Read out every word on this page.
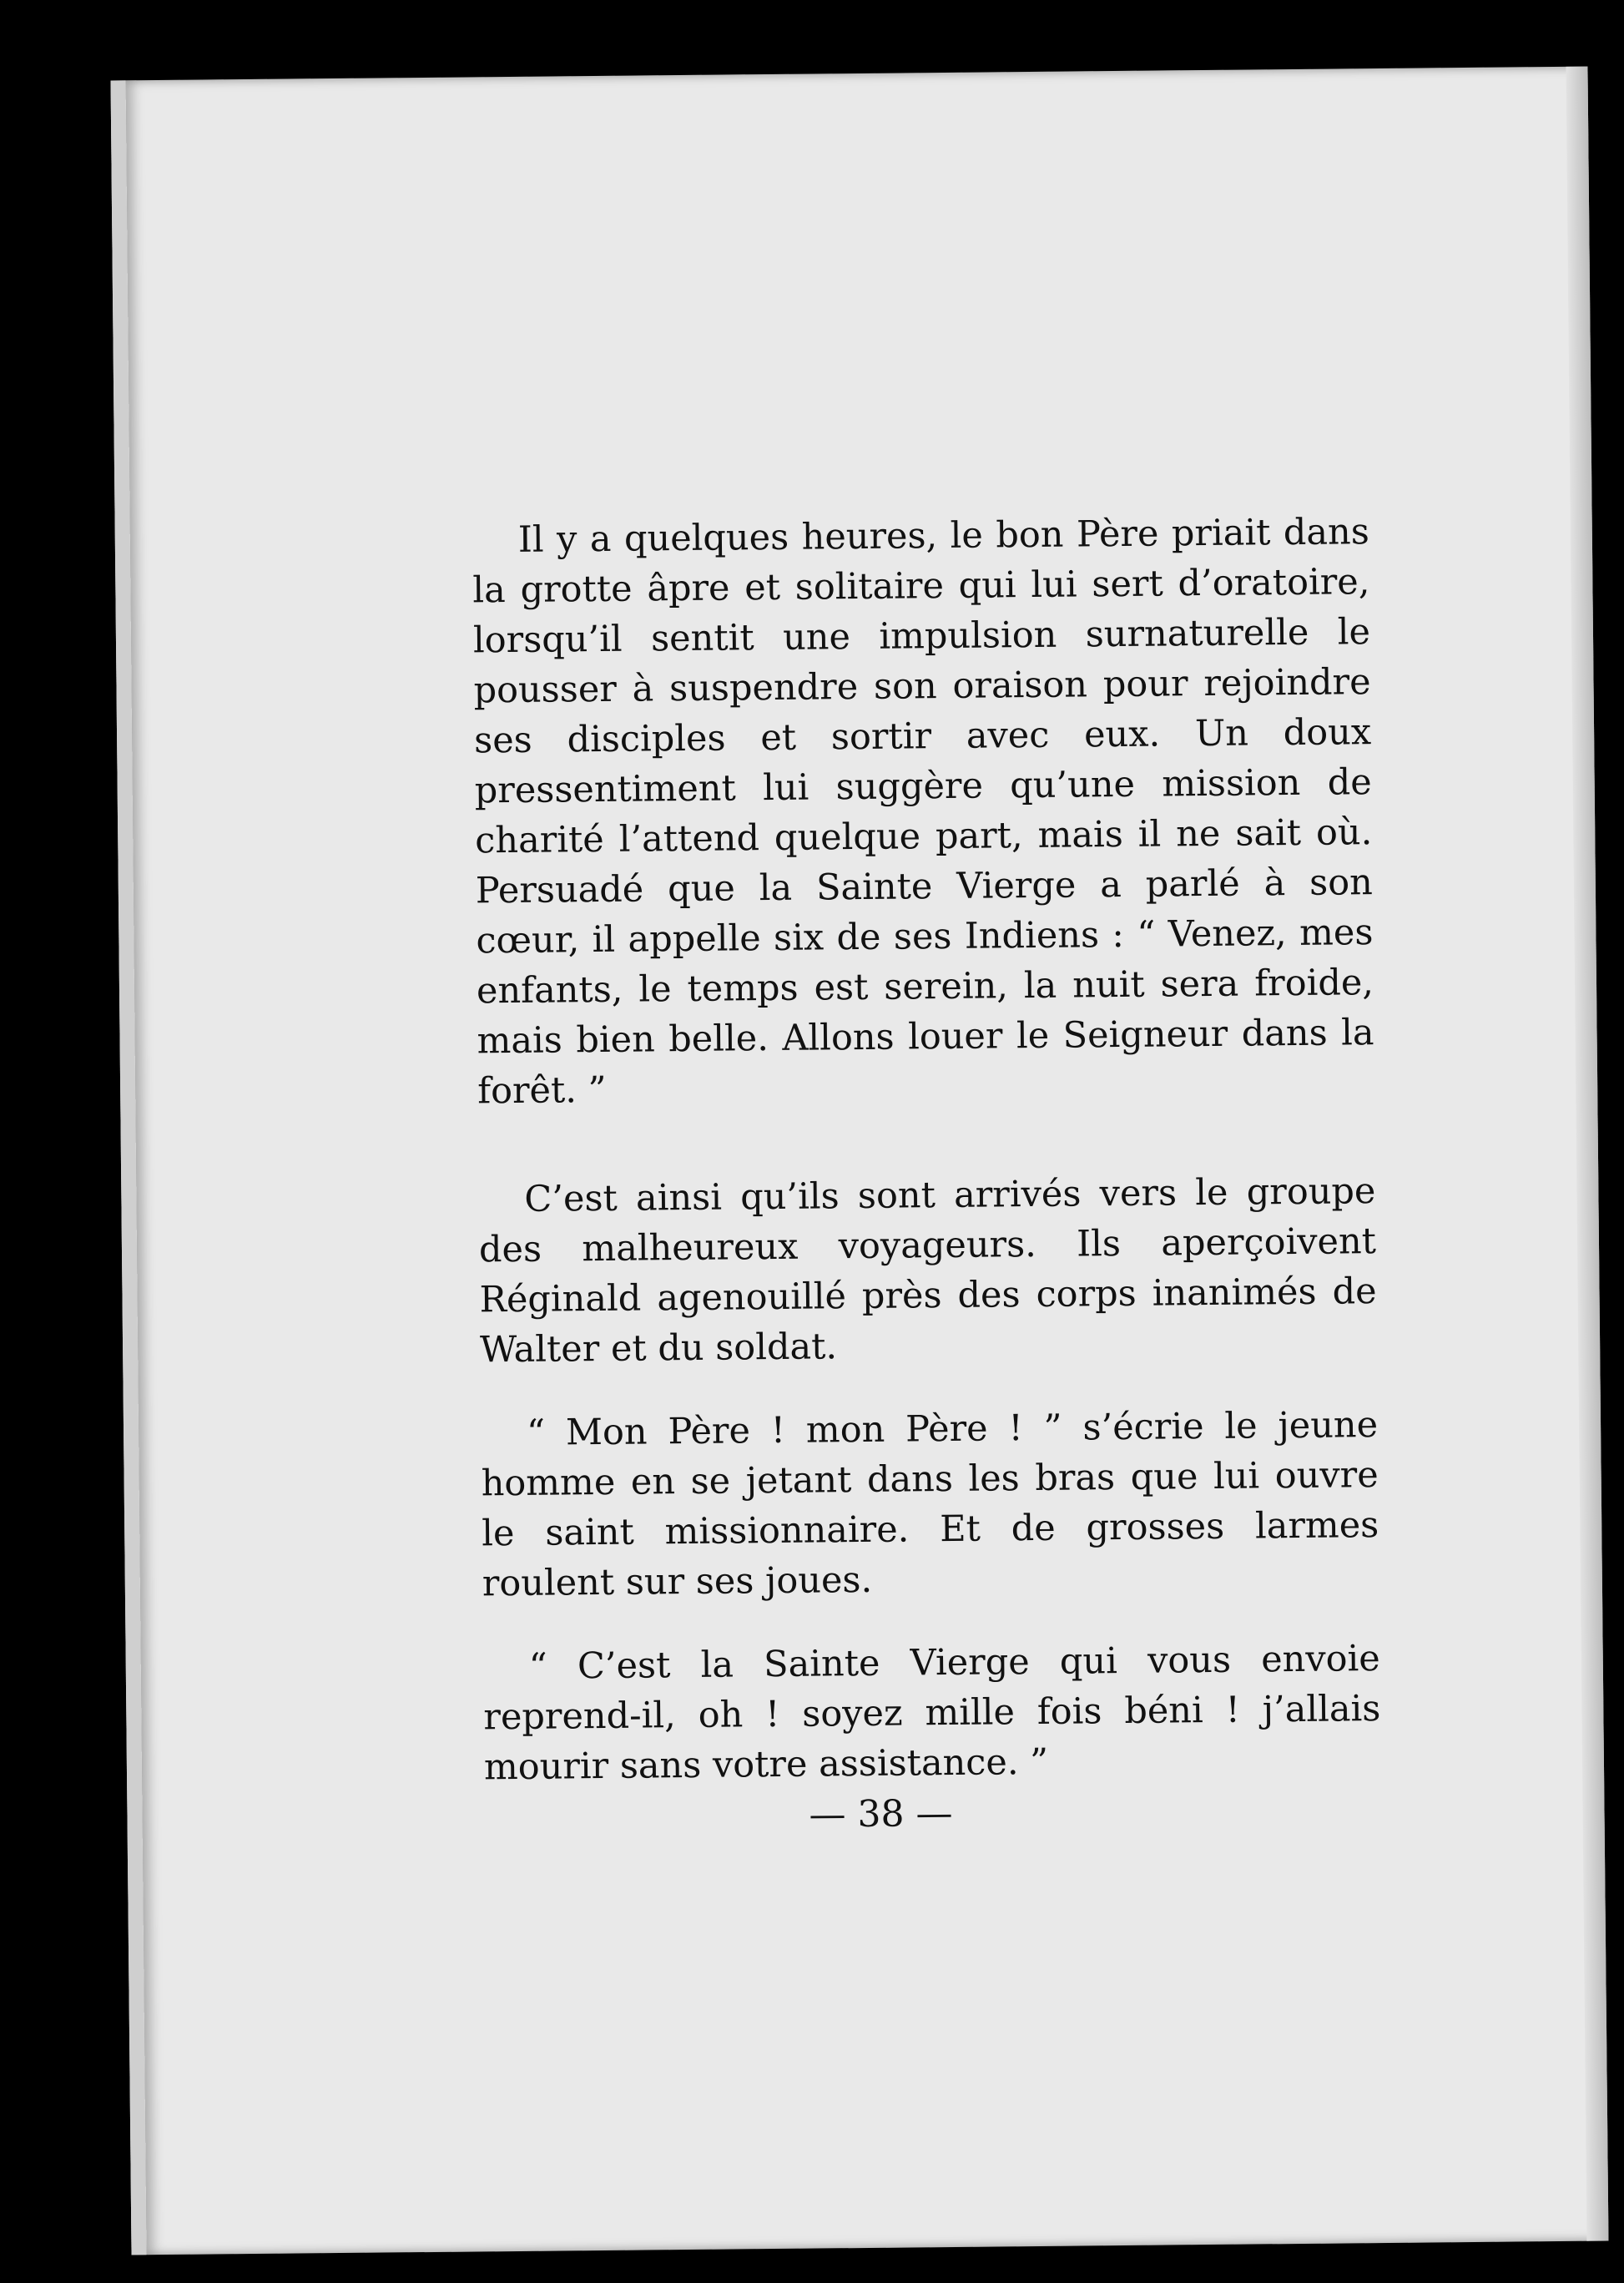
Il y a quelques heures, le bon Père priait dans la grotte âpre et solitaire qui lui sert d’oratoire, lorsqu’il sentit une impulsion surnaturelle le pousser à suspendre son oraison pour rejoindre ses disciples et sortir avec eux. Un doux pressentiment lui suggère qu’une mission de charité l’attend quelque part, mais il ne sait où. Persuadé que la Sainte Vierge a parlé à son cœur, il appelle six de ses Indiens : “ Venez, mes enfants, le temps est serein, la nuit sera froide, mais bien belle. Allons louer le Seigneur dans la forêt. ”

C’est ainsi qu’ils sont arrivés vers le groupe des malheureux voyageurs. Ils aperçoivent Réginald agenouillé près des corps inanimés de Walter et du soldat.

“ Mon Père ! mon Père ! ” s’écrie le jeune homme en se jetant dans les bras que lui ouvre le saint missionnaire. Et de grosses larmes roulent sur ses joues.

“ C’est la Sainte Vierge qui vous envoie reprend-il, oh ! soyez mille fois béni ! j’allais mourir sans votre assistance. ”

— 38 —
